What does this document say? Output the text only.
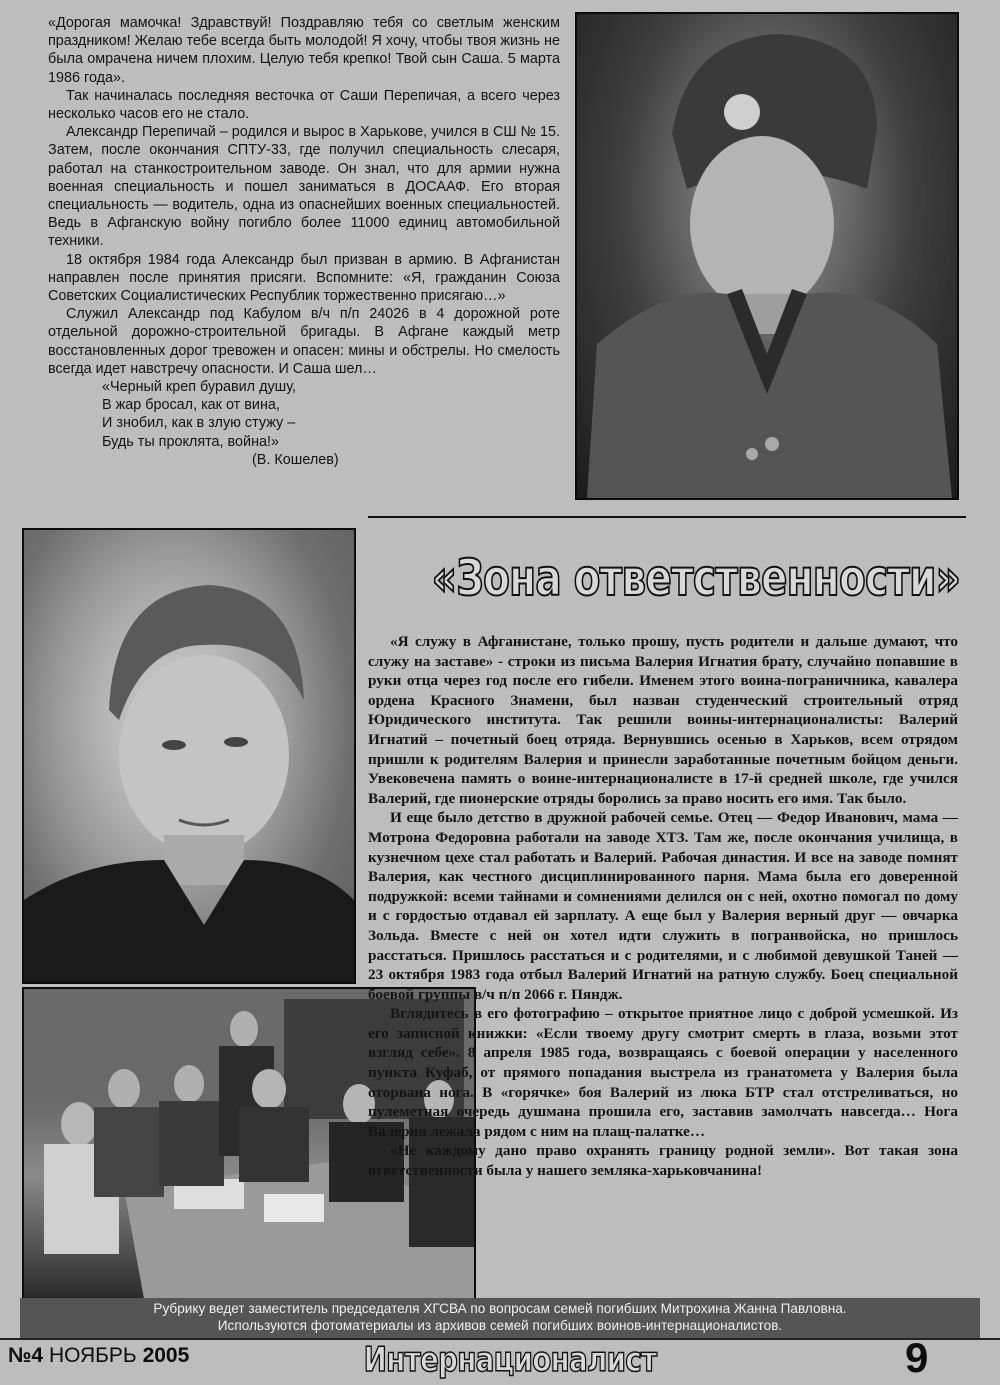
«Дорогая мамочка! Здравствуй! Поздравляю тебя со светлым женским праздником! Желаю тебе всегда быть молодой! Я хочу, чтобы твоя жизнь не была омрачена ничем плохим. Целую тебя крепко! Твой сын Саша. 5 марта 1986 года».

Так начиналась последняя весточка от Саши Перепичая, а всего через несколько часов его не стало.

Александр Перепичай – родился и вырос в Харькове, учился в СШ № 15. Затем, после окончания СПТУ-33, где получил специальность слесаря, работал на станкостроительном заводе. Он знал, что для армии нужна военная специальность и пошел заниматься в ДОСААФ. Его вторая специальность — водитель, одна из опаснейших военных специальностей. Ведь в Афганскую войну погибло более 11000 единиц автомобильной техники.

18 октября 1984 года Александр был призван в армию. В Афганистан направлен после принятия присяги. Вспомните: «Я, гражданин Союза Советских Социалистических Республик торжественно присягаю…»

Служил Александр под Кабулом в/ч п/п 24026 в 4 дорожной роте отдельной дорожно-строительной бригады. В Афгане каждый метр восстановленных дорог тревожен и опасен: мины и обстрелы. Но смелость всегда идет навстречу опасности. И Саша шел…

«Черный креп буравил душу,
В жар бросал, как от вина,
И знобил, как в злую стужу –
Будь ты проклята, война!»
(В. Кошелев)
«Зона ответственности»

«Я служу в Афганистане, только прошу, пусть родители и дальше думают, что служу на заставе» - строки из письма Валерия Игнатия брату, случайно попавшие в руки отца через год после его гибели. Именем этого воина-пограничника, кавалера ордена Красного Знамени, был назван студенческий строительный отряд Юридического института. Так решили воины-интернационалисты: Валерий Игнатий – почетный боец отряда. Вернувшись осенью в Харьков, всем отрядом пришли к родителям Валерия и принесли заработанные почетным бойцом деньги. Увековечена память о воине-интернационалисте в 17-й средней школе, где учился Валерий, где пионерские отряды боролись за право носить его имя. Так было.

И еще было детство в дружной рабочей семье. Отец — Федор Иванович, мама —Мотрона Федоровна работали на заводе ХТЗ. Там же, после окончания училища, в кузнечном цехе стал работать и Валерий. Рабочая династия. И все на заводе помнят Валерия, как честного дисциплинированного парня. Мама была его доверенной подружкой: всеми тайнами и сомнениями делился он с ней, охотно помогал по дому и с гордостью отдавал ей зарплату. А еще был у Валерия верный друг — овчарка Зольда. Вместе с ней он хотел идти служить в погранвойска, но пришлось расстаться. Пришлось расстаться и с родителями, и с любимой девушкой Таней — 23 октября 1983 года отбыл Валерий Игнатий на ратную службу. Боец специальной боевой группы в/ч п/п 2066 г. Пяндж.

Вглядитесь в его фотографию – открытое приятное лицо с доброй усмешкой. Из его записной книжки: «Если твоему другу смотрит смерть в глаза, возьми этот взгляд себе». 8 апреля 1985 года, возвращаясь с боевой операции у населенного пункта Куфаб, от прямого попадания выстрела из гранатомета у Валерия была оторвана нога. В «горячке» боя Валерий из люка БТР стал отстреливаться, но пулеметная очередь душмана прошила его, заставив замолчать навсегда… Нога Валерия лежала рядом с ним на плащ-палатке…

«Не каждому дано право охранять границу родной земли». Вот такая зона ответственности была у нашего земляка-харьковчанина!

Рубрику ведет заместитель председателя ХГСВА по вопросам семей погибших Митрохина Жанна Павловна.
Используются фотоматериалы из архивов семей погибших воинов-интернационалистов.
№4 НОЯБРЬ 2005	Интернационалист	9
